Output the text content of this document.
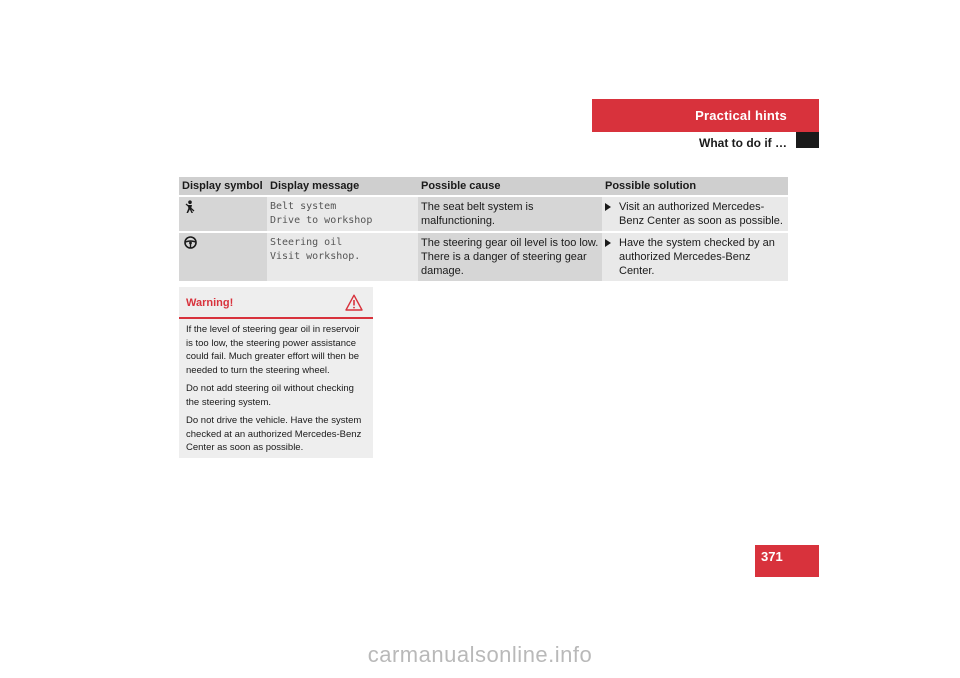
Practical hints
What to do if …
Display symbol Display message	Possible cause	Possible solution
Belt system
Drive to workshop
The seat belt system is malfunctioning.
Visit an authorized Mercedes-Benz Center as soon as possible.
Steering oil
Visit workshop.
The steering gear oil level is too low. There is a danger of steering gear damage.
Have the system checked by an authorized Mercedes-Benz Center.
Warning!

If the level of steering gear oil in reservoir is too low, the steering power assistance could fail. Much greater effort will then be needed to turn the steering wheel.

Do not add steering oil without checking the steering system.

Do not drive the vehicle. Have the system checked at an authorized Mercedes-Benz Center as soon as possible.

371
carmanualsonline.info
